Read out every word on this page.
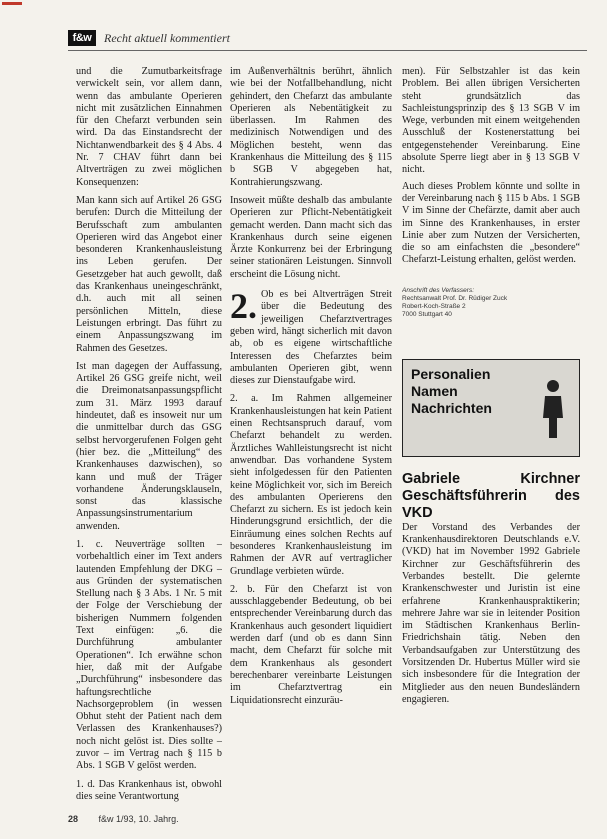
f&w	Recht aktuell kommentiert

und die Zumutbarkeitsfrage verwickelt sein, vor allem dann, wenn das ambulante Operieren nicht mit zusätzlichen Einnahmen für den Chefarzt verbunden sein wird. Da das Einstandsrecht der Nichtanwendbarkeit des § 4 Abs. 4 Nr. 7 CHAV führt dann bei Altverträgen zu zwei möglichen Konsequenzen:

Man kann sich auf Artikel 26 GSG berufen: Durch die Mitteilung der Berufsschaft zum ambulanten Operieren wird das Angebot einer besonderen Krankenhausleistung ins Leben gerufen. Der Gesetzgeber hat auch gewollt, daß das Krankenhaus uneingeschränkt, d.h. auch mit all seinen persönlichen Mitteln, diese Leistungen erbringt. Das führt zu einem Anpassungszwang im Rahmen des Gesetzes.

Ist man dagegen der Auffassung, Artikel 26 GSG greife nicht, weil die Dreimonatsanpassungspflicht zum 31. März 1993 darauf hindeutet, daß es insoweit nur um die unmittelbar durch das GSG selbst hervorgerufenen Folgen geht (hier bez. die „Mitteilung“ des Krankenhauses dazwischen), so kann und muß der Träger vorhandene Änderungsklauseln, sonst das klassische Anpassungsinstrumentarium anwenden.

1. c. Neuverträge sollten – vorbehaltlich einer im Text anders lautenden Empfehlung der DKG – aus Gründen der systematischen Stellung nach § 3 Abs. 1 Nr. 5 mit der Folge der Verschiebung der bisherigen Nummern folgenden Text einfügen: „6. die Durchführung ambulanter Operationen“. Ich erwähne schon hier, daß mit der Aufgabe „Durchführung“ insbesondere das haftungsrechtliche Nachsorgeproblem (in wessen Obhut steht der Patient nach dem Verlassen des Krankenhauses?) noch nicht gelöst ist. Dies sollte – zuvor – im Vertrag nach § 115 b Abs. 1 SGB V gelöst werden.

1. d. Das Krankenhaus ist, obwohl dies seine Verantwortung

im Außenverhältnis berührt, ähnlich wie bei der Notfallbehandlung, nicht gehindert, den Chefarzt das ambulante Operieren als Nebentätigkeit zu überlassen. Im Rahmen des medizinisch Notwendigen und des Möglichen besteht, wenn das Krankenhaus die Mitteilung des § 115 b SGB V abgegeben hat, Kontrahierungszwang.

Insoweit müßte deshalb das ambulante Operieren zur Pflicht-Nebentätigkeit gemacht werden. Dann macht sich das Krankenhaus durch seine eigenen Ärzte Konkurrenz bei der Erbringung seiner stationären Leistungen. Sinnvoll erscheint die Lösung nicht.

2. Ob es bei Altverträgen Streit über die Bedeutung des jeweiligen Chefarztvertrages geben wird, hängt sicherlich mit davon ab, ob es eigene wirtschaftliche Interessen des Chefarztes beim ambulanten Operieren gibt, wenn dieses zur Dienstaufgabe wird.

2. a. Im Rahmen allgemeiner Krankenhausleistungen hat kein Patient einen Rechtsanspruch darauf, vom Chefarzt behandelt zu werden. Ärztliches Wahlleistungsrecht ist nicht anwendbar. Das vorhandene System sieht infolgedessen für den Patienten keine Möglichkeit vor, sich im Bereich des ambulanten Operierens den Chefarzt zu sichern. Es ist jedoch kein Hinderungsgrund ersichtlich, der die Einräumung eines solchen Rechts auf besonderes Krankenhausleistung im Rahmen der AVR auf vertraglicher Grundlage verbieten würde.

2. b. Für den Chefarzt ist von ausschlaggebender Bedeutung, ob bei entsprechender Vereinbarung durch das Krankenhaus auch gesondert liquidiert werden darf (und ob es dann Sinn macht, dem Chefarzt für solche mit dem Krankenhaus als gesondert berechenbarer vereinbarte Leistungen im Chefarztvertrag ein Liquidationsrecht einzuräu-

men). Für Selbstzahler ist das kein Problem. Bei allen übrigen Versicherten steht grundsätzlich das Sachleistungsprinzip des § 13 SGB V im Wege, verbunden mit einem weitgehenden Ausschluß der Kostenerstattung bei entgegenstehender Vereinbarung. Eine absolute Sperre liegt aber in § 13 SGB V nicht.

Auch dieses Problem könnte und sollte in der Vereinbarung nach § 115 b Abs. 1 SGB V im Sinne der Chefärzte, damit aber auch im Sinne des Krankenhauses, in erster Linie aber zum Nutzen der Versicherten, die so am einfachsten die „besondere“ Chefarzt-Leistung erhalten, gelöst werden.

Anschrift des Verfassers:
Rechtsanwalt Prof. Dr. Rüdiger Zuck
Robert-Koch-Straße 2
7000 Stuttgart 40
Personalien
Namen
Nachrichten
Gabriele Kirchner Geschäftsführerin des VKD

Der Vorstand des Verbandes der Krankenhausdirektoren Deutschlands e.V. (VKD) hat im November 1992 Gabriele Kirchner zur Geschäftsführerin des Verbandes bestellt. Die gelernte Krankenschwester und Juristin ist eine erfahrene Krankenhauspraktikerin; mehrere Jahre war sie in leitender Position im Städtischen Krankenhaus Berlin-Friedrichshain tätig. Neben den Verbandsaufgaben zur Unterstützung des Vorsitzenden Dr. Hubertus Müller wird sie sich insbesondere für die Integration der Mitglieder aus den neuen Bundesländern engagieren.

28 f&w 1/93, 10. Jahrg.
